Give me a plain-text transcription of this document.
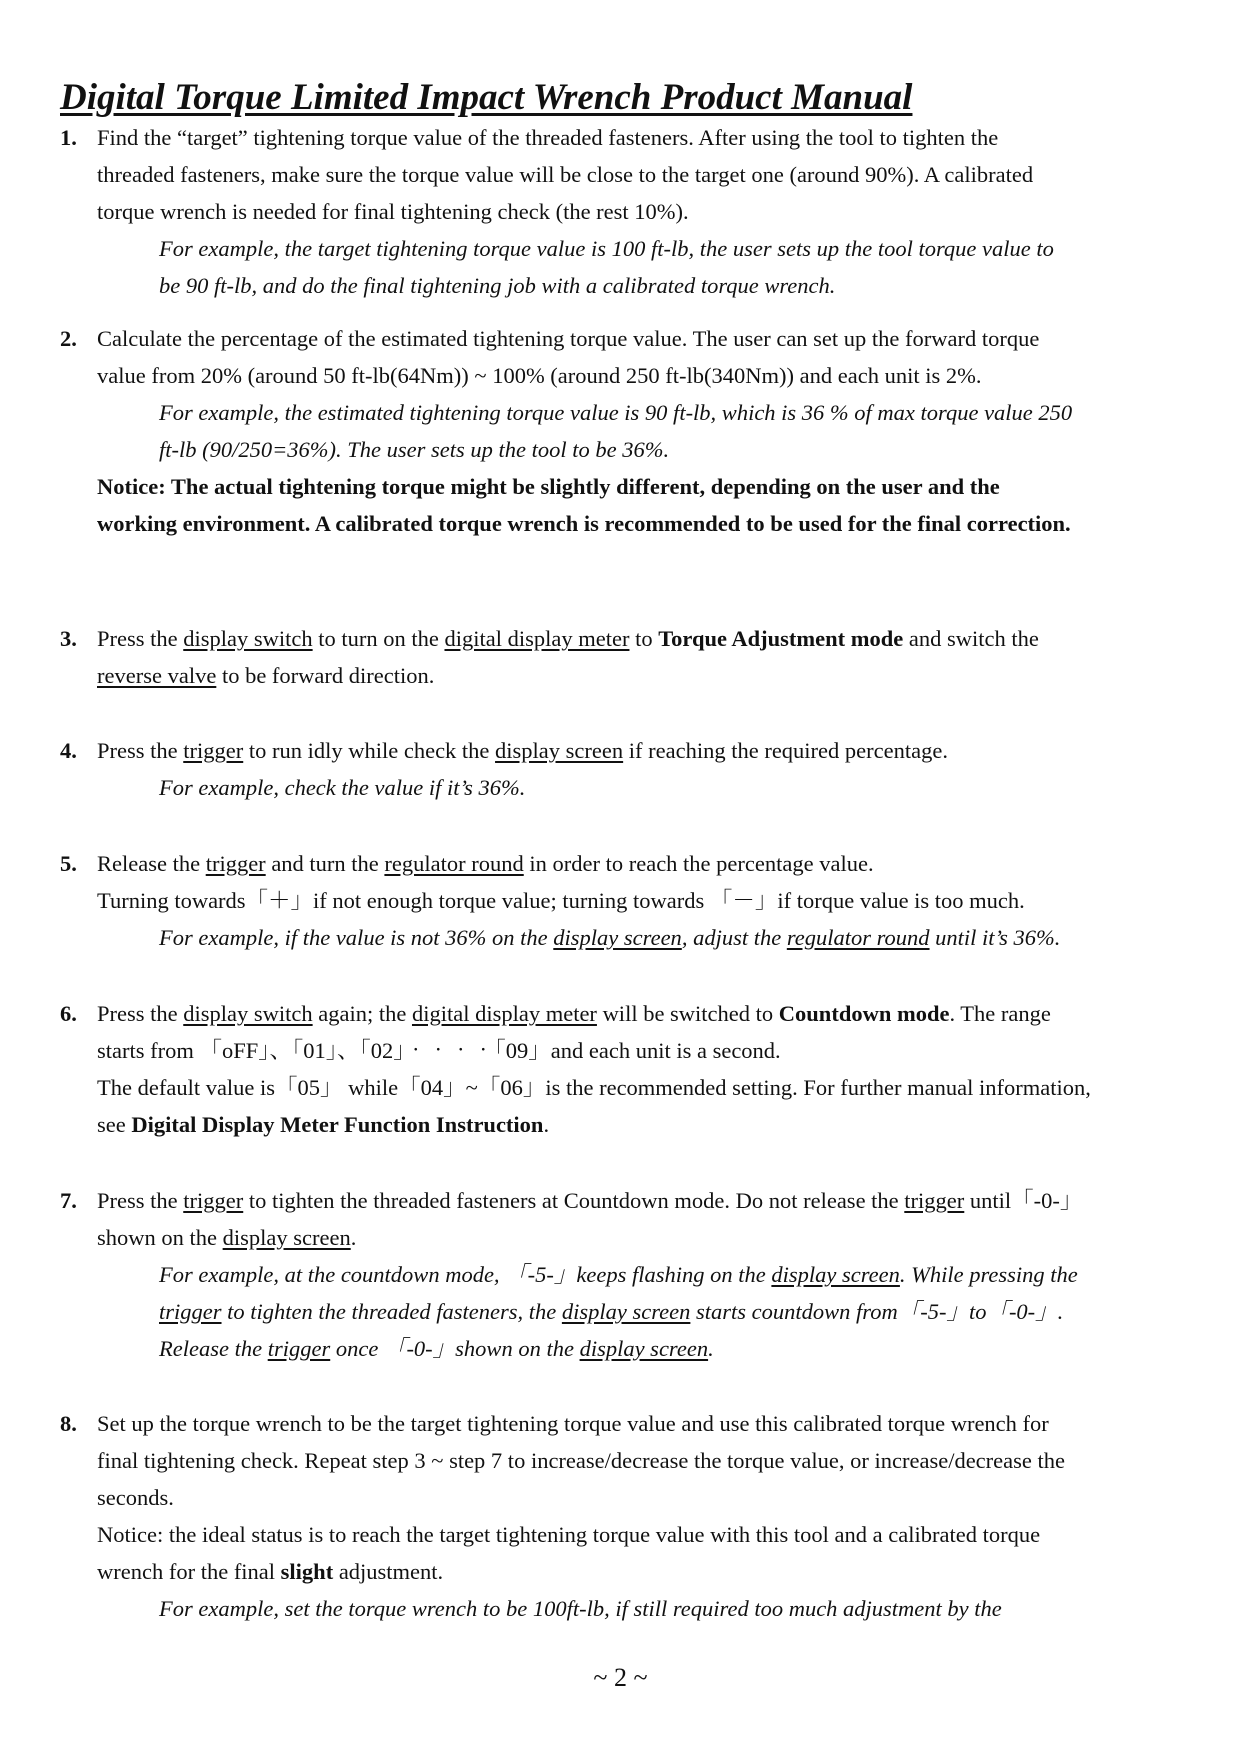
Digital Torque Limited Impact Wrench Product Manual
1. Find the “target” tightening torque value of the threaded fasteners. After using the tool to tighten the
threaded fasteners, make sure the torque value will be close to the target one (around 90%). A calibrated
torque wrench is needed for final tightening check (the rest 10%).
For example, the target tightening torque value is 100 ft-lb, the user sets up the tool torque value to
be 90 ft-lb, and do the final tightening job with a calibrated torque wrench.
2. Calculate the percentage of the estimated tightening torque value. The user can set up the forward torque
value from 20% (around 50 ft-lb(64Nm)) ~ 100% (around 250 ft-lb(340Nm)) and each unit is 2%.
For example, the estimated tightening torque value is 90 ft-lb, which is 36 % of max torque value 250
ft-lb (90/250=36%). The user sets up the tool to be 36%.
Notice: The actual tightening torque might be slightly different, depending on the user and the
working environment. A calibrated torque wrench is recommended to be used for the final correction.
3. Press the display switch to turn on the digital display meter to Torque Adjustment mode and switch the
reverse valve to be forward direction.
4. Press the trigger to run idly while check the display screen if reaching the required percentage.
For example, check the value if it’s 36%.
5. Release the trigger and turn the regulator round in order to reach the percentage value.
Turning towards「＋」if not enough torque value; turning towards 「－」if torque value is too much.
For example, if the value is not 36% on the display screen, adjust the regulator round until it’s 36%.
6. Press the display switch again; the digital display meter will be switched to Countdown mode. The range
starts from 「oFF」、「01」、「02」‧‧‧‧「09」and each unit is a second.
The default value is「05」 while「04」~「06」is the recommended setting. For further manual information,
see Digital Display Meter Function Instruction.
7. Press the trigger to tighten the threaded fasteners at Countdown mode. Do not release the trigger until「-0-」
shown on the display screen.
For example, at the countdown mode, 「-5-」keeps flashing on the display screen. While pressing the
trigger to tighten the threaded fasteners, the display screen starts countdown from「-5-」to「-0-」.
Release the trigger once 「-0-」shown on the display screen.
8. Set up the torque wrench to be the target tightening torque value and use this calibrated torque wrench for
final tightening check. Repeat step 3 ~ step 7 to increase/decrease the torque value, or increase/decrease the
seconds.
Notice: the ideal status is to reach the target tightening torque value with this tool and a calibrated torque
wrench for the final slight adjustment.
For example, set the torque wrench to be 100ft-lb, if still required too much adjustment by the
~ 2 ~
